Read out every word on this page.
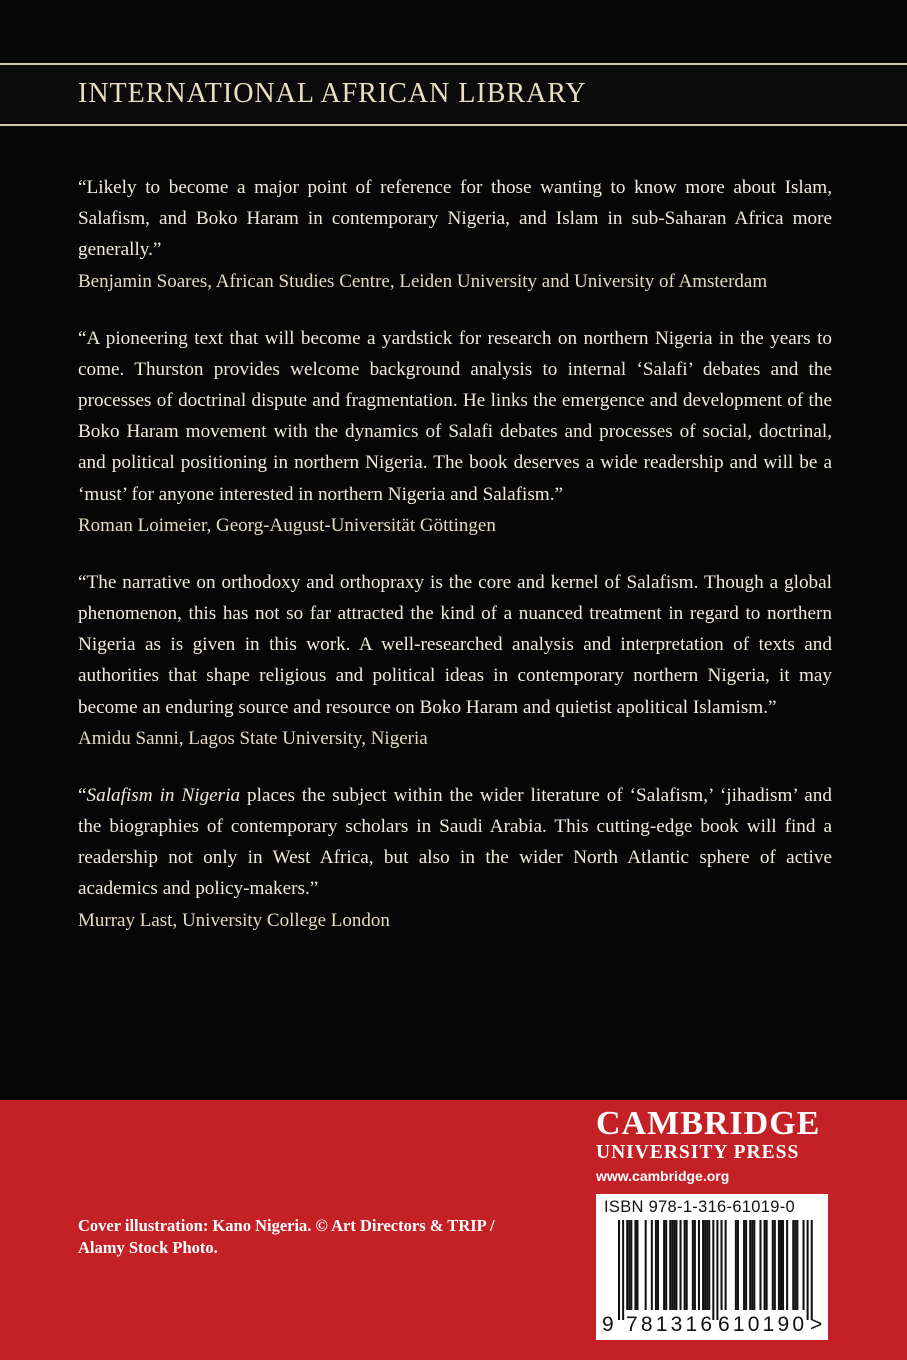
INTERNATIONAL AFRICAN LIBRARY

“Likely to become a major point of reference for those wanting to know more about Islam, Salafism, and Boko Haram in contemporary Nigeria, and Islam in sub-Saharan Africa more generally.”

Benjamin Soares, African Studies Centre, Leiden University and University of Amsterdam

“A pioneering text that will become a yardstick for research on northern Nigeria in the years to come. Thurston provides welcome background analysis to internal ‘Salafi’ debates and the processes of doctrinal dispute and fragmentation. He links the emergence and development of the Boko Haram movement with the dynamics of Salafi debates and processes of social, doctrinal, and political positioning in northern Nigeria. The book deserves a wide readership and will be a ‘must’ for anyone interested in northern Nigeria and Salafism.”

Roman Loimeier, Georg-August-Universität Göttingen

“The narrative on orthodoxy and orthopraxy is the core and kernel of Salafism. Though a global phenomenon, this has not so far attracted the kind of a nuanced treatment in regard to northern Nigeria as is given in this work. A well-researched analysis and interpretation of texts and authorities that shape religious and political ideas in contemporary northern Nigeria, it may become an enduring source and resource on Boko Haram and quietist apolitical Islamism.”

Amidu Sanni, Lagos State University, Nigeria

“Salafism in Nigeria places the subject within the wider literature of ‘Salafism,’ ‘jihadism’ and the biographies of contemporary scholars in Saudi Arabia. This cutting-edge book will find a readership not only in West Africa, but also in the wider North Atlantic sphere of active academics and policy-makers.”

Murray Last, University College London

Cover illustration: Kano Nigeria. © Art Directors & TRIP /
Alamy Stock Photo.
CAMBRIDGE
UNIVERSITY PRESS
www.cambridge.org
ISBN 978-1-316-61019-0
9 781316 610190 >
